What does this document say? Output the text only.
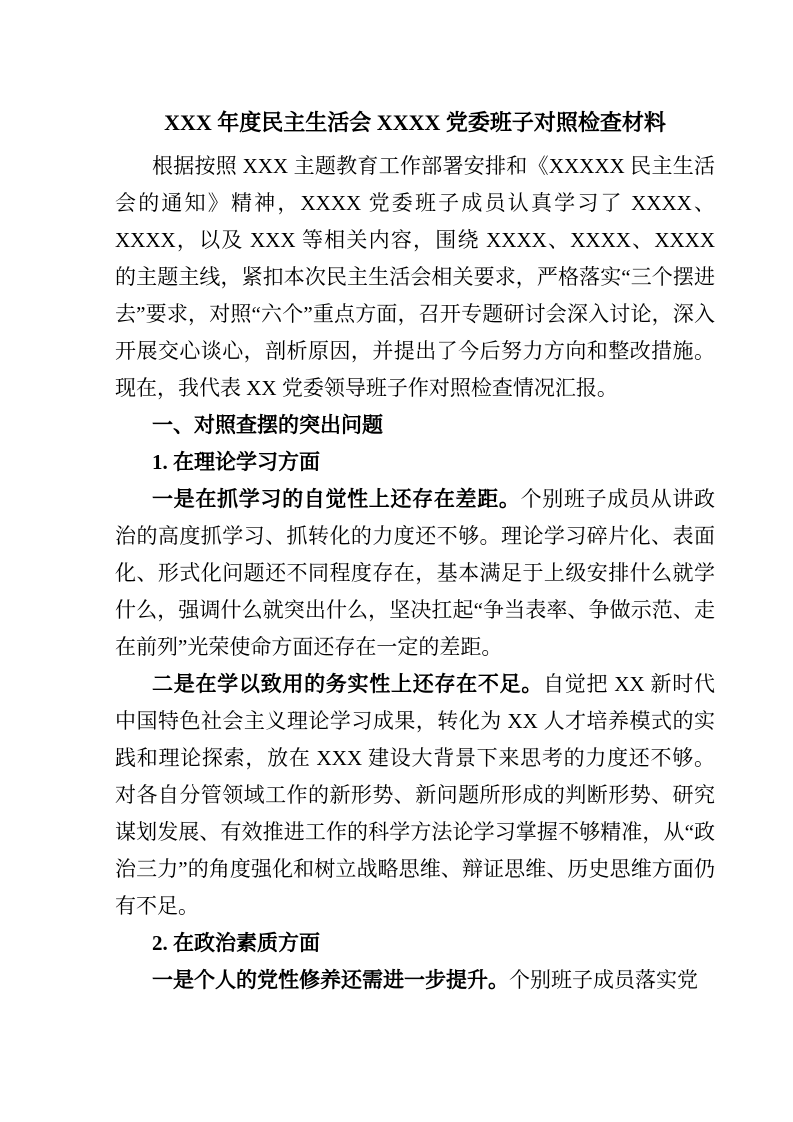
XXX 年度民主生活会 XXXX 党委班子对照检查材料

根据按照 XXX 主题教育工作部署安排和《XXXXX 民主生活会的通知》精神，XXXX 党委班子成员认真学习了 XXXX、XXXX，以及 XXX 等相关内容，围绕 XXXX、XXXX、XXXX 的主题主线，紧扣本次民主生活会相关要求，严格落实“三个摆进去”要求，对照“六个”重点方面，召开专题研讨会深入讨论，深入开展交心谈心，剖析原因，并提出了今后努力方向和整改措施。现在，我代表 XX 党委领导班子作对照检查情况汇报。

一、对照查摆的突出问题

1. 在理论学习方面

一是在抓学习的自觉性上还存在差距。个别班子成员从讲政治的高度抓学习、抓转化的力度还不够。理论学习碎片化、表面化、形式化问题还不同程度存在，基本满足于上级安排什么就学什么，强调什么就突出什么，坚决扛起“争当表率、争做示范、走在前列”光荣使命方面还存在一定的差距。

二是在学以致用的务实性上还存在不足。自觉把 XX 新时代中国特色社会主义理论学习成果，转化为 XX 人才培养模式的实践和理论探索，放在 XXX 建设大背景下来思考的力度还不够。对各自分管领域工作的新形势、新问题所形成的判断形势、研究谋划发展、有效推进工作的科学方法论学习掌握不够精准，从“政治三力”的角度强化和树立战略思维、辩证思维、历史思维方面仍有不足。

2. 在政治素质方面

一是个人的党性修养还需进一步提升。个别班子成员落实党
